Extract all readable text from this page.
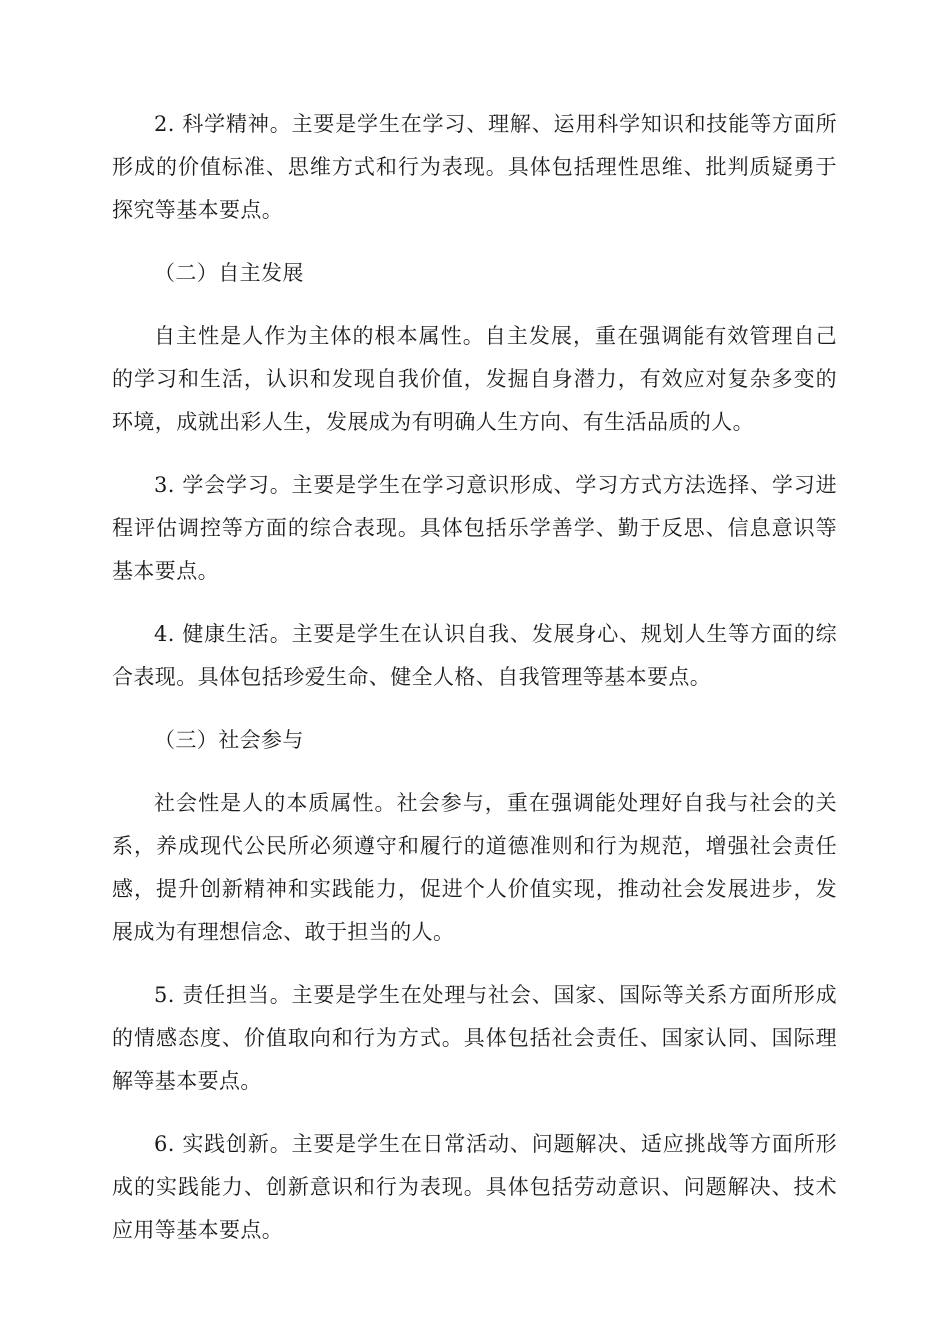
2. 科学精神。主要是学生在学习、理解、运用科学知识和技能等方面所形成的价值标准、思维方式和行为表现。具体包括理性思维、批判质疑勇于探究等基本要点。

（二）自主发展

自主性是人作为主体的根本属性。自主发展，重在强调能有效管理自己的学习和生活，认识和发现自我价值，发掘自身潜力，有效应对复杂多变的环境，成就出彩人生，发展成为有明确人生方向、有生活品质的人。

3. 学会学习。主要是学生在学习意识形成、学习方式方法选择、学习进程评估调控等方面的综合表现。具体包括乐学善学、勤于反思、信息意识等基本要点。

4. 健康生活。主要是学生在认识自我、发展身心、规划人生等方面的综合表现。具体包括珍爱生命、健全人格、自我管理等基本要点。

（三）社会参与

社会性是人的本质属性。社会参与，重在强调能处理好自我与社会的关系，养成现代公民所必须遵守和履行的道德准则和行为规范，增强社会责任感，提升创新精神和实践能力，促进个人价值实现，推动社会发展进步，发展成为有理想信念、敢于担当的人。

5. 责任担当。主要是学生在处理与社会、国家、国际等关系方面所形成的情感态度、价值取向和行为方式。具体包括社会责任、国家认同、国际理解等基本要点。

6. 实践创新。主要是学生在日常活动、问题解决、适应挑战等方面所形成的实践能力、创新意识和行为表现。具体包括劳动意识、问题解决、技术应用等基本要点。
